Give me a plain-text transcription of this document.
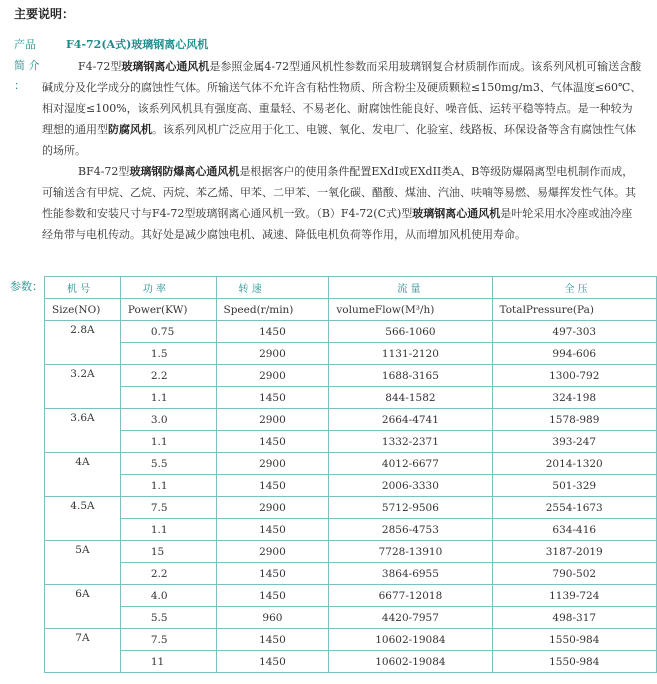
主要说明：
产品	F4-72(A式)玻璃钢离心风机
简 介
：

F4-72型玻璃钢离心通风机是参照金属4-72型通风机性参数而采用玻璃钢复合材质制作而成。该系列风机可输送含酸碱成分及化学成分的腐蚀性气体。所输送气体不允许含有粘性物质、所含粉尘及硬质颗粒≤150mg/m3、气体温度≤60℃、相对湿度≤100%，该系列风机具有强度高、重量轻、不易老化、耐腐蚀性能良好、噪音低、运转平稳等特点。是一种较为理想的通用型防腐风机。该系列风机广泛应用于化工、电镀、氧化、发电厂、化验室、线路板、环保设备等含有腐蚀性气体的场所。

BF4-72型玻璃钢防爆离心通风机是根据客户的使用条件配置EXdI或EXdII类A、B等级防爆隔离型电机制作而成，可输送含有甲烷、乙烷、丙烷、苯乙烯、甲苯、二甲苯、一氧化碳、醋酸、煤油、汽油、呋喃等易燃、易爆挥发性气体。其性能参数和安装尺寸与F4-72型玻璃钢离心通风机一致。（B）F4-72(C式)型玻璃钢离心通风机是叶轮采用水冷座或油冷座经角带与电机传动。其好处是减少腐蚀电机、减速、降低电机负荷等作用，从而增加风机使用寿命。

参数： 机 号	功 率	转 速	流 量	全 压
Size(NO)	Power(KW)	Speed(r/min)	volumeFlow(M³/h)	TotalPressure(Pa)
2.8A	0.75	1450	566-1060	497-303
	1.5	2900	1131-2120	994-606
3.2A	2.2	2900	1688-3165	1300-792
	1.1	1450	844-1582	324-198
3.6A	3.0	2900	2664-4741	1578-989
	1.1	1450	1332-2371	393-247
4A	5.5	2900	4012-6677	2014-1320
	1.1	1450	2006-3330	501-329
4.5A	7.5	2900	5712-9506	2554-1673
	1.1	1450	2856-4753	634-416
5A	15	2900	7728-13910	3187-2019
	2.2	1450	3864-6955	790-502
6A	4.0	1450	6677-12018	1139-724
	5.5	960	4420-7957	498-317
7A	7.5	1450	10602-19084	1550-984
	11	1450	10602-19084	1550-984
